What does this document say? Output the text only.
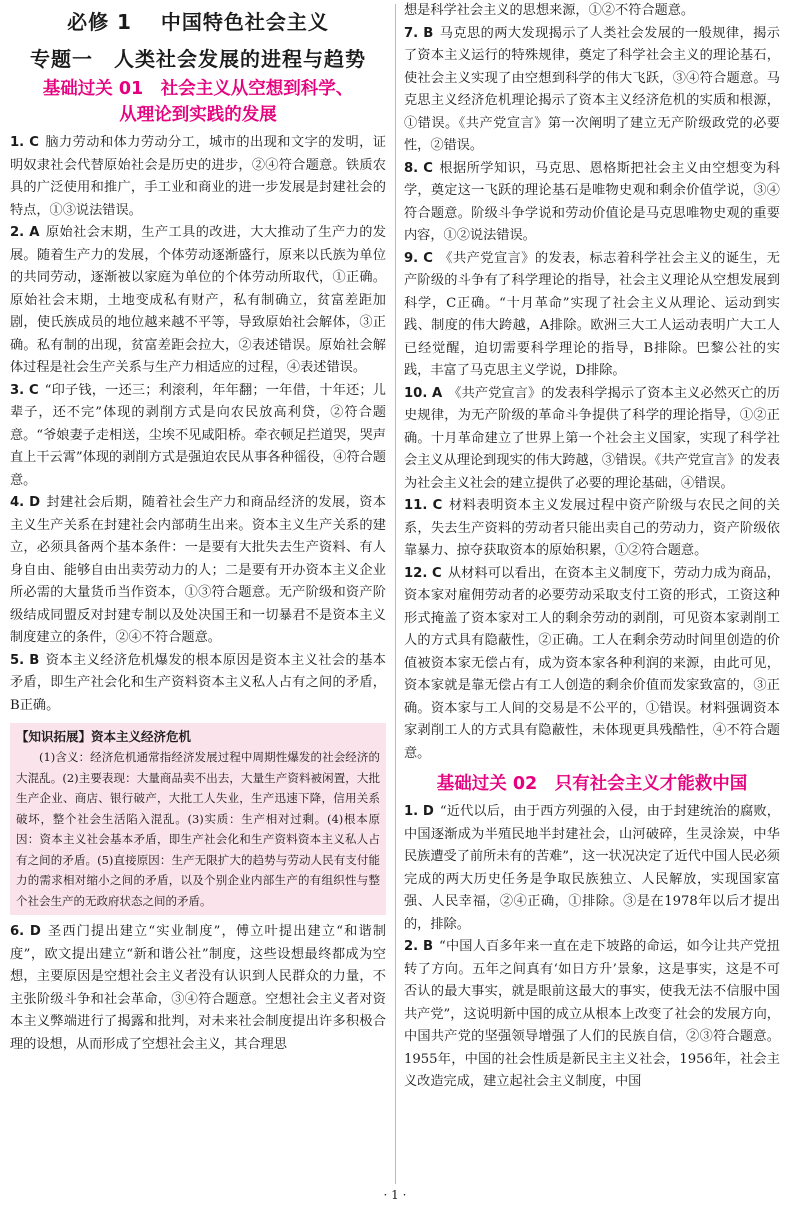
必修 1　 中国特色社会主义
专题一　人类社会发展的进程与趋势
基础过关 01　社会主义从空想到科学、
从理论到实践的发展

1. C 脑力劳动和体力劳动分工，城市的出现和文字的发明，证明奴隶社会代替原始社会是历史的进步，②④符合题意。铁质农具的广泛使用和推广，手工业和商业的进一步发展是封建社会的特点，①③说法错误。

2. A 原始社会末期，生产工具的改进，大大推动了生产力的发展。随着生产力的发展，个体劳动逐渐盛行，原来以氏族为单位的共同劳动，逐渐被以家庭为单位的个体劳动所取代，①正确。原始社会末期，土地变成私有财产，私有制确立，贫富差距加剧，使氏族成员的地位越来越不平等，导致原始社会解体，③正确。私有制的出现，贫富差距会拉大，②表述错误。原始社会解体过程是社会生产关系与生产力相适应的过程，④表述错误。

3. C “印子钱，一还三；利滚利，年年翻；一年借，十年还；儿辈子，还不完”体现的剥削方式是向农民放高利贷，②符合题意。“爷娘妻子走相送，尘埃不见咸阳桥。牵衣顿足拦道哭，哭声直上干云霄”体现的剥削方式是强迫农民从事各种徭役，④符合题意。

4. D 封建社会后期，随着社会生产力和商品经济的发展，资本主义生产关系在封建社会内部萌生出来。资本主义生产关系的建立，必须具备两个基本条件：一是要有大批失去生产资料、有人身自由、能够自由出卖劳动力的人；二是要有开办资本主义企业所必需的大量货币当作资本，①③符合题意。无产阶级和资产阶级结成同盟反对封建专制以及处决国王和一切暴君不是资本主义制度建立的条件，②④不符合题意。

5. B 资本主义经济危机爆发的根本原因是资本主义社会的基本矛盾，即生产社会化和生产资料资本主义私人占有之间的矛盾，B正确。

【知识拓展】资本主义经济危机

(1)含义：经济危机通常指经济发展过程中周期性爆发的社会经济的大混乱。(2)主要表现：大量商品卖不出去，大量生产资料被闲置，大批生产企业、商店、银行破产，大批工人失业，生产迅速下降，信用关系破坏，整个社会生活陷入混乱。(3)实质：生产相对过剩。(4)根本原因：资本主义社会基本矛盾，即生产社会化和生产资料资本主义私人占有之间的矛盾。(5)直接原因：生产无限扩大的趋势与劳动人民有支付能力的需求相对缩小之间的矛盾，以及个别企业内部生产的有组织性与整个社会生产的无政府状态之间的矛盾。

6. D 圣西门提出建立“实业制度”，傅立叶提出建立“和谐制度”，欧文提出建立“新和谐公社”制度，这些设想最终都成为空想，主要原因是空想社会主义者没有认识到人民群众的力量，不主张阶级斗争和社会革命，③④符合题意。空想社会主义者对资本主义弊端进行了揭露和批判，对未来社会制度提出许多积极合理的设想，从而形成了空想社会主义，其合理思

想是科学社会主义的思想来源，①②不符合题意。

7. B 马克思的两大发现揭示了人类社会发展的一般规律，揭示了资本主义运行的特殊规律，奠定了科学社会主义的理论基石，使社会主义实现了由空想到科学的伟大飞跃，③④符合题意。马克思主义经济危机理论揭示了资本主义经济危机的实质和根源，①错误。《共产党宣言》第一次阐明了建立无产阶级政党的必要性，②错误。

8. C 根据所学知识，马克思、恩格斯把社会主义由空想变为科学，奠定这一飞跃的理论基石是唯物史观和剩余价值学说，③④符合题意。阶级斗争学说和劳动价值论是马克思唯物史观的重要内容，①②说法错误。

9. C 《共产党宣言》的发表，标志着科学社会主义的诞生，无产阶级的斗争有了科学理论的指导，社会主义理论从空想发展到科学，C正确。“十月革命”实现了社会主义从理论、运动到实践、制度的伟大跨越，A排除。欧洲三大工人运动表明广大工人已经觉醒，迫切需要科学理论的指导，B排除。巴黎公社的实践，丰富了马克思主义学说，D排除。

10. A 《共产党宣言》的发表科学揭示了资本主义必然灭亡的历史规律，为无产阶级的革命斗争提供了科学的理论指导，①②正确。十月革命建立了世界上第一个社会主义国家，实现了科学社会主义从理论到现实的伟大跨越，③错误。《共产党宣言》的发表为社会主义社会的建立提供了必要的理论基础，④错误。

11. C 材料表明资本主义发展过程中资产阶级与农民之间的关系，失去生产资料的劳动者只能出卖自己的劳动力，资产阶级依靠暴力、掠夺获取资本的原始积累，①②符合题意。

12. C 从材料可以看出，在资本主义制度下，劳动力成为商品，资本家对雇佣劳动者的必要劳动采取支付工资的形式，工资这种形式掩盖了资本家对工人的剩余劳动的剥削，可见资本家剥削工人的方式具有隐蔽性，②正确。工人在剩余劳动时间里创造的价值被资本家无偿占有，成为资本家各种利润的来源，由此可见，资本家就是靠无偿占有工人创造的剩余价值而发家致富的，③正确。资本家与工人间的交易是不公平的，①错误。材料强调资本家剥削工人的方式具有隐蔽性，未体现更具残酷性，④不符合题意。

基础过关 02　只有社会主义才能救中国

1. D “近代以后，由于西方列强的入侵，由于封建统治的腐败，中国逐渐成为半殖民地半封建社会，山河破碎，生灵涂炭，中华民族遭受了前所未有的苦难”，这一状况决定了近代中国人民必须完成的两大历史任务是争取民族独立、人民解放，实现国家富强、人民幸福，②④正确，①排除。③是在1978年以后才提出的，排除。

2. B “中国人百多年来一直在走下坡路的命运，如今让共产党扭转了方向。五年之间真有‘如日方升’景象，这是事实，这是不可否认的最大事实，就是眼前这最大的事实，使我无法不信服中国共产党”，这说明新中国的成立从根本上改变了社会的发展方向，中国共产党的坚强领导增强了人们的民族自信，②③符合题意。1955年，中国的社会性质是新民主主义社会，1956年，社会主义改造完成，建立起社会主义制度，中国

· 1 ·
